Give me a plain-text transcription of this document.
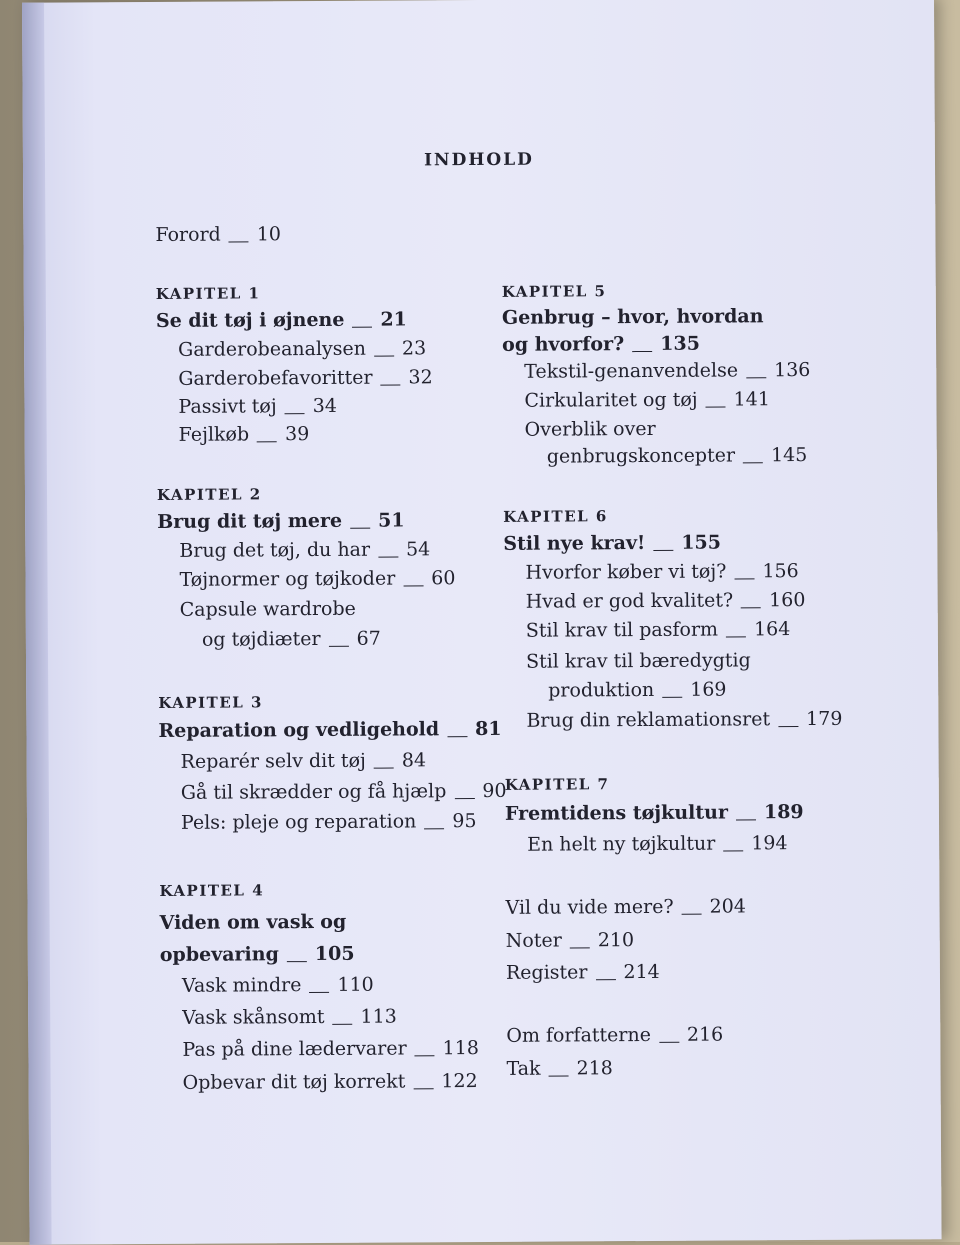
INDHOLD
Forord 10
KAPITEL 1
Se dit tøj i øjnene 21
Garderobeanalysen 23
Garderobefavoritter 32
Passivt tøj 34
Fejlkøb 39
KAPITEL 2
Brug dit tøj mere 51
Brug det tøj, du har 54
Tøjnormer og tøjkoder 60
Capsule wardrobe
og tøjdiæter 67
KAPITEL 3
Reparation og vedligehold 81
Reparér selv dit tøj 84
Gå til skrædder og få hjælp 90
Pels: pleje og reparation 95
KAPITEL 4
Viden om vask og
opbevaring 105
Vask mindre 110
Vask skånsomt 113
Pas på dine lædervarer 118
Opbevar dit tøj korrekt 122
KAPITEL 5
Genbrug – hvor, hvordan
og hvorfor? 135
Tekstil-genanvendelse 136
Cirkularitet og tøj 141
Overblik over
genbrugskoncepter 145
KAPITEL 6
Stil nye krav! 155
Hvorfor køber vi tøj? 156
Hvad er god kvalitet? 160
Stil krav til pasform 164
Stil krav til bæredygtig
produktion 169
Brug din reklamationsret 179
KAPITEL 7
Fremtidens tøjkultur 189
En helt ny tøjkultur 194
Vil du vide mere? 204
Noter 210
Register 214
Om forfatterne 216
Tak 218
